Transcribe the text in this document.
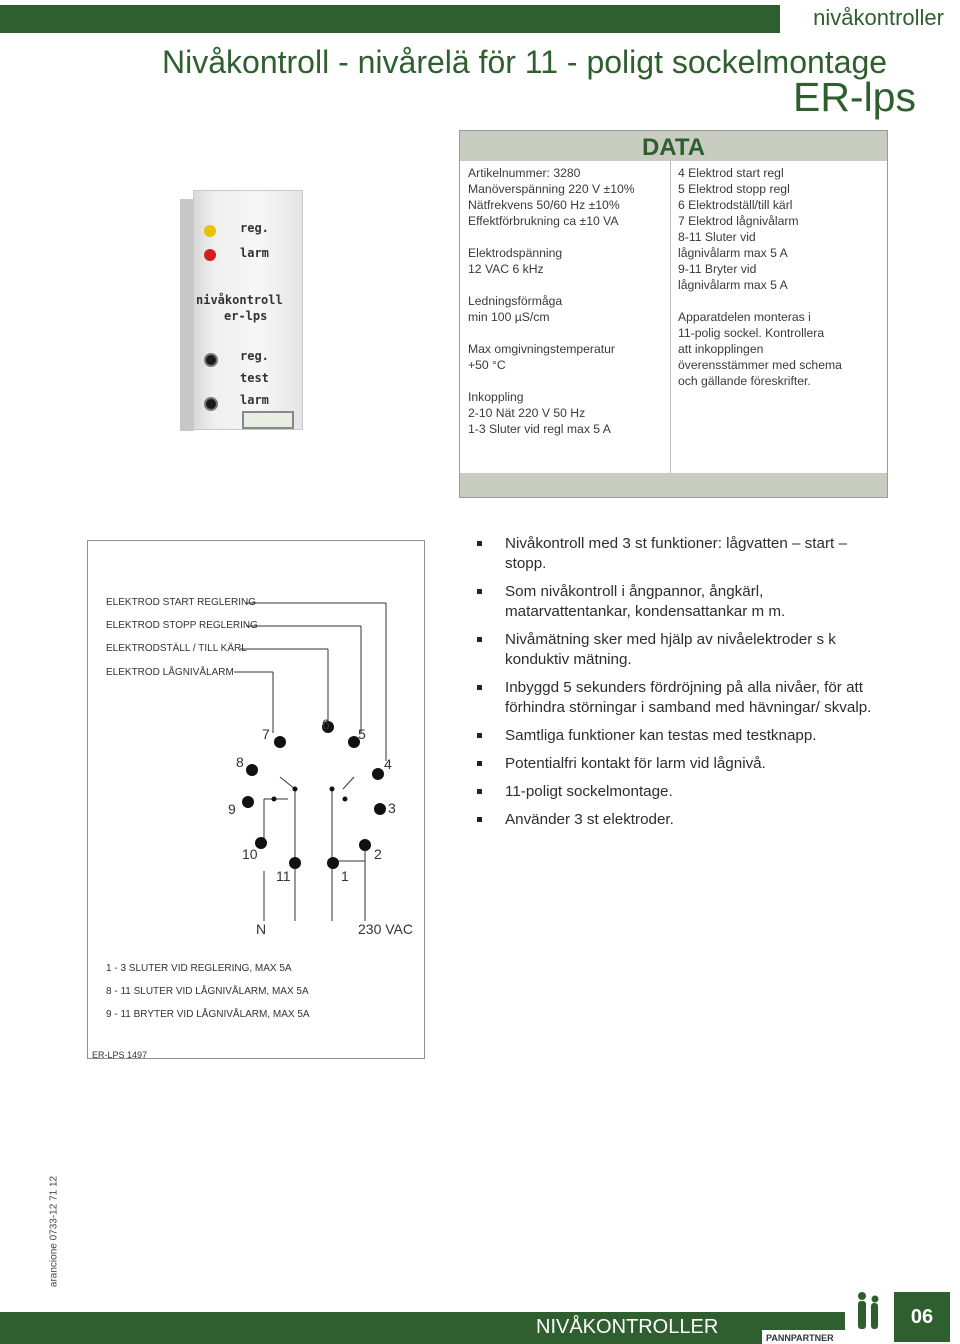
nivåkontroller
Nivåkontroll - nivårelä för 11 - poligt sockelmontage
ER-lps
reg.
larm
nivåkontroll
er-lps
reg.
test
larm
DATA
Artikelnummer: 3280
Manöverspänning 220 V ±10%
Nätfrekvens 50/60 Hz ±10%
Effektförbrukning ca ±10 VA
Elektrodspänning
12 VAC 6 kHz
Ledningsförmåga
min 100 µS/cm
Max omgivningstemperatur
+50 °C
Inkoppling
2-10 Nät 220 V 50 Hz
1-3 Sluter vid regl max 5 A
4 Elektrod start regl
5 Elektrod stopp regl
6 Elektrodställ/till kärl
7 Elektrod lågnivålarm
8-11 Sluter vid
lågnivålarm max 5 A
9-11 Bryter vid
lågnivålarm max 5 A
Apparatdelen monteras i
11-polig sockel. Kontrollera
att inkopplingen
överensstämmer med schema
och gällande föreskrifter.
ELEKTROD START REGLERING
ELEKTROD STOPP REGLERING
ELEKTRODSTÄLL / TILL KÄRL
ELEKTROD LÅGNIVÅLARM
1
2
3
4
5
6
7
8
9
10
11
N	230 VAC
1 - 3 SLUTER VID REGLERING, MAX 5A
8 - 11 SLUTER VID LÅGNIVÅLARM, MAX 5A
9 - 11 BRYTER VID LÅGNIVÅLARM, MAX 5A
ER-LPS 1497
Nivåkontroll med 3 st funktioner: lågvatten – start – stopp.
Som nivåkontroll i ångpannor, ångkärl, matarvattentankar, kondensattankar m m.
Nivåmätning sker med hjälp av nivåelektroder s k konduktiv mätning.
Inbyggd 5 sekunders fördröjning på alla nivåer, för att förhindra störningar i samband med hävningar/ skvalp.
Samtliga funktioner kan testas med testknapp.
Potentialfri kontakt för larm vid lågnivå.
11-poligt sockelmontage.
Använder 3 st elektroder.
arancione 0733-12 71 12
NIVÅKONTROLLER	PANNPARTNER
06
